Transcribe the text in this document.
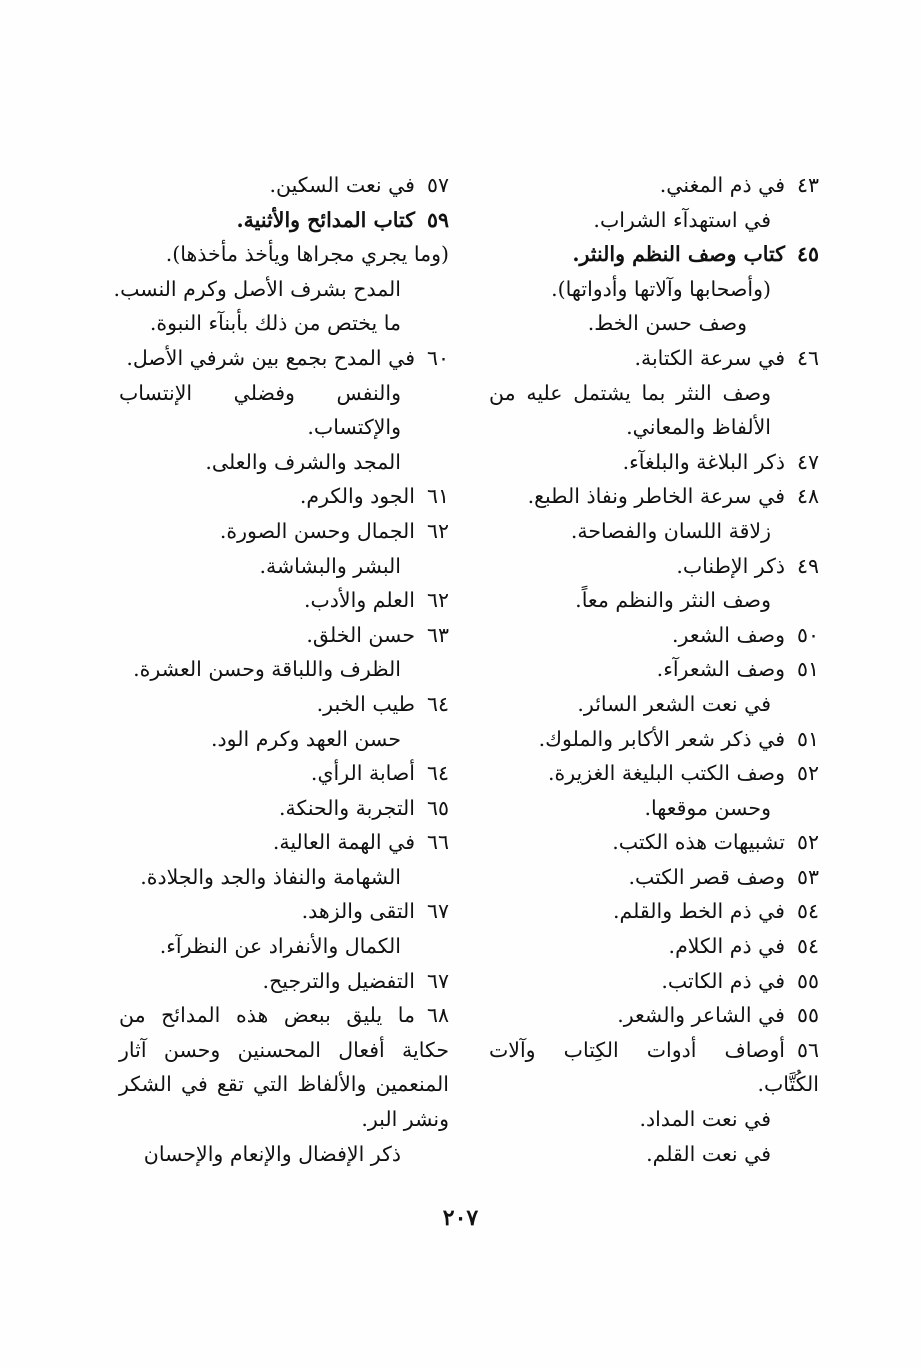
٤٣في ذم المغني.
في استهدآء الشراب.
٤٥كتاب وصف النظم والنثر.
(وأصحابها وآلاتها وأدواتها).
وصف حسن الخط.
٤٦في سرعة الكتابة.
وصف النثر بما يشتمل عليه من الألفاظ والمعاني.
٤٧ذكر البلاغة والبلغآء.
٤٨في سرعة الخاطر ونفاذ الطبع.
زلاقة اللسان والفصاحة.
٤٩ذكر الإطناب.
وصف النثر والنظم معاً.
٥٠وصف الشعر.
٥١وصف الشعرآء.
في نعت الشعر السائر.
٥١في ذكر شعر الأكابر والملوك.
٥٢وصف الكتب البليغة الغزيرة.
وحسن موقعها.
٥٢تشبيهات هذه الكتب.
٥٣وصف قصر الكتب.
٥٤في ذم الخط والقلم.
٥٤في ذم الكلام.
٥٥في ذم الكاتب.
٥٥في الشاعر والشعر.
٥٦أوصاف أدوات الكِتاب وآلات الكُتَّاب.
في نعت المداد.
في نعت القلم.
٥٧في نعت السكين.
٥٩كتاب المدائح والأثنية.
(وما يجري مجراها ويأخذ مأخذها).
المدح بشرف الأصل وكرم النسب.
ما يختص من ذلك بأبنآء النبوة.
٦٠في المدح بجمع بين شرفي الأصل.
والنفس وفضلي الإنتساب والإكتساب.
المجد والشرف والعلى.
٦١الجود والكرم.
٦٢الجمال وحسن الصورة.
البشر والبشاشة.
٦٢العلم والأدب.
٦٣حسن الخلق.
الظرف واللباقة وحسن العشرة.
٦٤طيب الخبر.
حسن العهد وكرم الود.
٦٤أصابة الرأي.
٦٥التجربة والحنكة.
٦٦في الهمة العالية.
الشهامة والنفاذ والجد والجلادة.
٦٧التقى والزهد.
الكمال والأنفراد عن النظرآء.
٦٧التفضيل والترجيح.
٦٨ما يليق ببعض هذه المدائح من حكاية أفعال المحسنين وحسن آثار المنعمين والألفاظ التي تقع في الشكر ونشر البر.
ذكر الإفضال والإنعام والإحسان
٢٠٧
